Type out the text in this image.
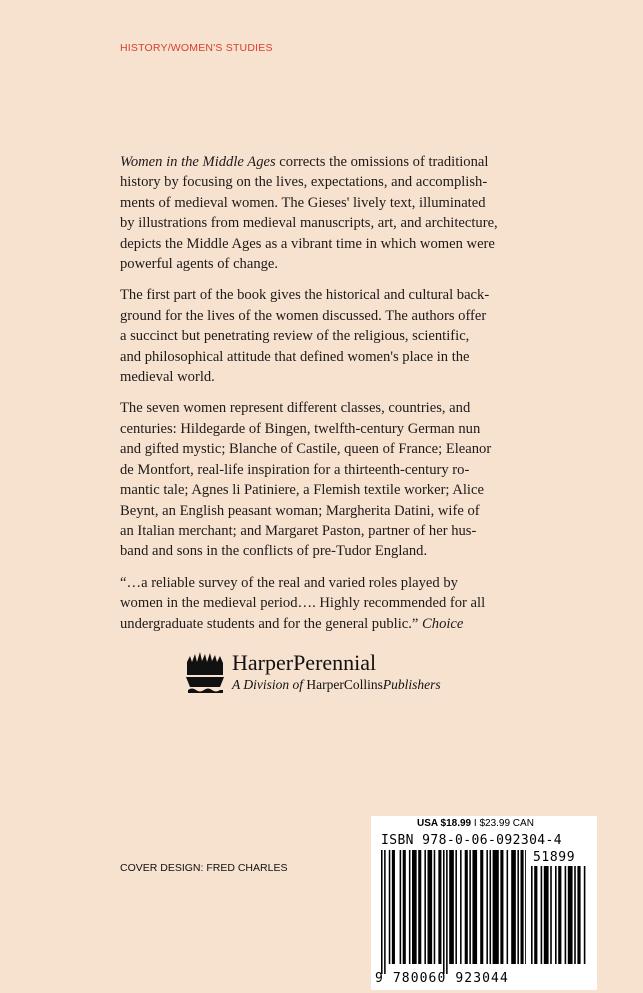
HISTORY/WOMEN'S STUDIES

Women in the Middle Ages corrects the omissions of traditional
history by focusing on the lives, expectations, and accomplish-
ments of medieval women. The Gieses' lively text, illuminated
by illustrations from medieval manuscripts, art, and architecture,
depicts the Middle Ages as a vibrant time in which women were
powerful agents of change.

The first part of the book gives the historical and cultural back-
ground for the lives of the women discussed. The authors offer
a succinct but penetrating review of the religious, scientific,
and philosophical attitude that defined women's place in the
medieval world.

The seven women represent different classes, countries, and
centuries: Hildegarde of Bingen, twelfth-century German nun
and gifted mystic; Blanche of Castile, queen of France; Eleanor
de Montfort, real-life inspiration for a thirteenth-century ro-
mantic tale; Agnes li Patiniere, a Flemish textile worker; Alice
Beynt, an English peasant woman; Margherita Datini, wife of
an Italian merchant; and Margaret Paston, partner of her hus-
band and sons in the conflicts of pre-Tudor England.

“…a reliable survey of the real and varied roles played by
women in the medieval period…. Highly recommended for all
undergraduate students and for the general public.” Choice

HarperPerennial
A Division of HarperCollinsPublishers
COVER DESIGN: FRED CHARLES
USA $18.99 I $23.99 CAN
ISBN 978-0-06-092304-4
51899
9 780060 923044
